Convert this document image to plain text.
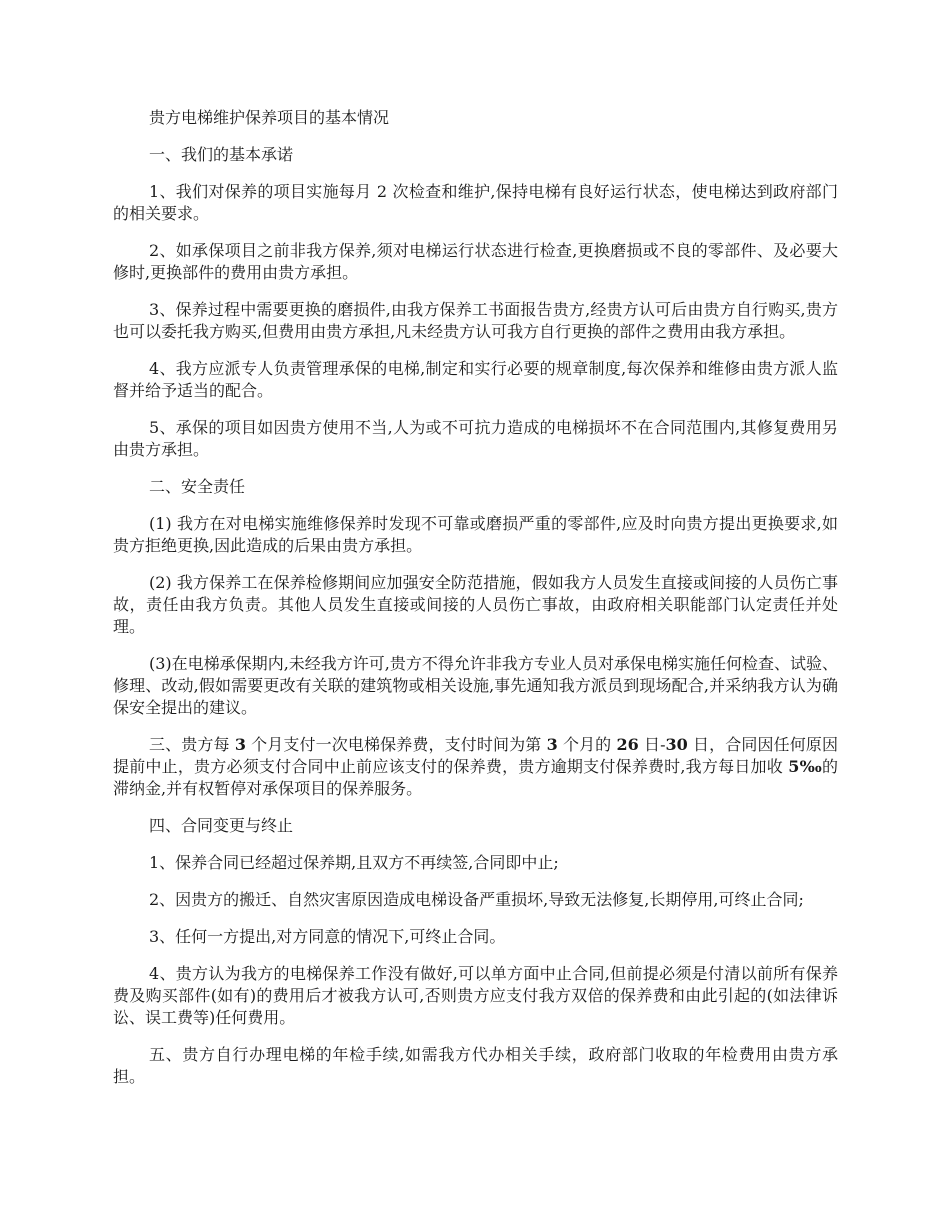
贵方电梯维护保养项目的基本情况

一、我们的基本承诺

1、我们对保养的项目实施每月 2 次检查和维护,保持电梯有良好运行状态，使电梯达到政府部门的相关要求。

2、如承保项目之前非我方保养,须对电梯运行状态进行检查,更换磨损或不良的零部件、及必要大修时,更换部件的费用由贵方承担。

3、保养过程中需要更换的磨损件,由我方保养工书面报告贵方,经贵方认可后由贵方自行购买,贵方也可以委托我方购买,但费用由贵方承担,凡未经贵方认可我方自行更换的部件之费用由我方承担。

4、我方应派专人负责管理承保的电梯,制定和实行必要的规章制度,每次保养和维修由贵方派人监督并给予适当的配合。

5、承保的项目如因贵方使用不当,人为或不可抗力造成的电梯损坏不在合同范围内,其修复费用另由贵方承担。

二、安全责任

(1) 我方在对电梯实施维修保养时发现不可靠或磨损严重的零部件,应及时向贵方提出更换要求,如贵方拒绝更换,因此造成的后果由贵方承担。

(2) 我方保养工在保养检修期间应加强安全防范措施，假如我方人员发生直接或间接的人员伤亡事故，责任由我方负责。其他人员发生直接或间接的人员伤亡事故，由政府相关职能部门认定责任并处理。

(3)在电梯承保期内,未经我方许可,贵方不得允许非我方专业人员对承保电梯实施任何检查、试验、修理、改动,假如需要更改有关联的建筑物或相关设施,事先通知我方派员到现场配合,并采纳我方认为确保安全提出的建议。

三、贵方每 3 个月支付一次电梯保养费，支付时间为第 3 个月的 26 日-30 日，合同因任何原因提前中止，贵方必须支付合同中止前应该支付的保养费，贵方逾期支付保养费时,我方每日加收 5‰的滞纳金,并有权暂停对承保项目的保养服务。

四、合同变更与终止

1、保养合同已经超过保养期,且双方不再续签,合同即中止;

2、因贵方的搬迁、自然灾害原因造成电梯设备严重损坏,导致无法修复,长期停用,可终止合同;

3、任何一方提出,对方同意的情况下,可终止合同。

4、贵方认为我方的电梯保养工作没有做好,可以单方面中止合同,但前提必须是付清以前所有保养费及购买部件(如有)的费用后才被我方认可,否则贵方应支付我方双倍的保养费和由此引起的(如法律诉讼、误工费等)任何费用。

五、贵方自行办理电梯的年检手续,如需我方代办相关手续，政府部门收取的年检费用由贵方承担。
